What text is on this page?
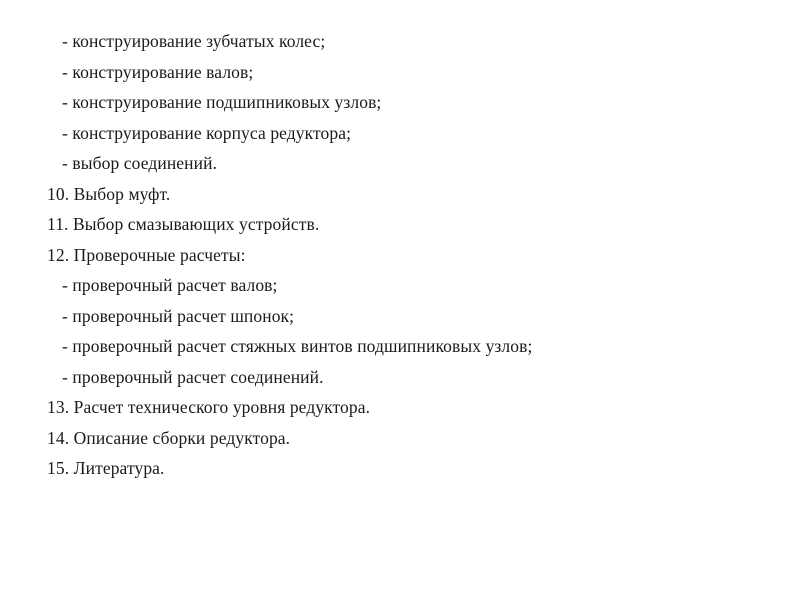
- конструирование зубчатых колес;
- конструирование валов;
- конструирование подшипниковых узлов;
- конструирование корпуса редуктора;
- выбор соединений.
10. Выбор муфт.
11. Выбор смазывающих устройств.
12. Проверочные расчеты:
- проверочный расчет валов;
- проверочный расчет шпонок;
- проверочный расчет стяжных винтов подшипниковых узлов;
- проверочный расчет соединений.
13. Расчет технического уровня редуктора.
14. Описание сборки редуктора.
15. Литература.
